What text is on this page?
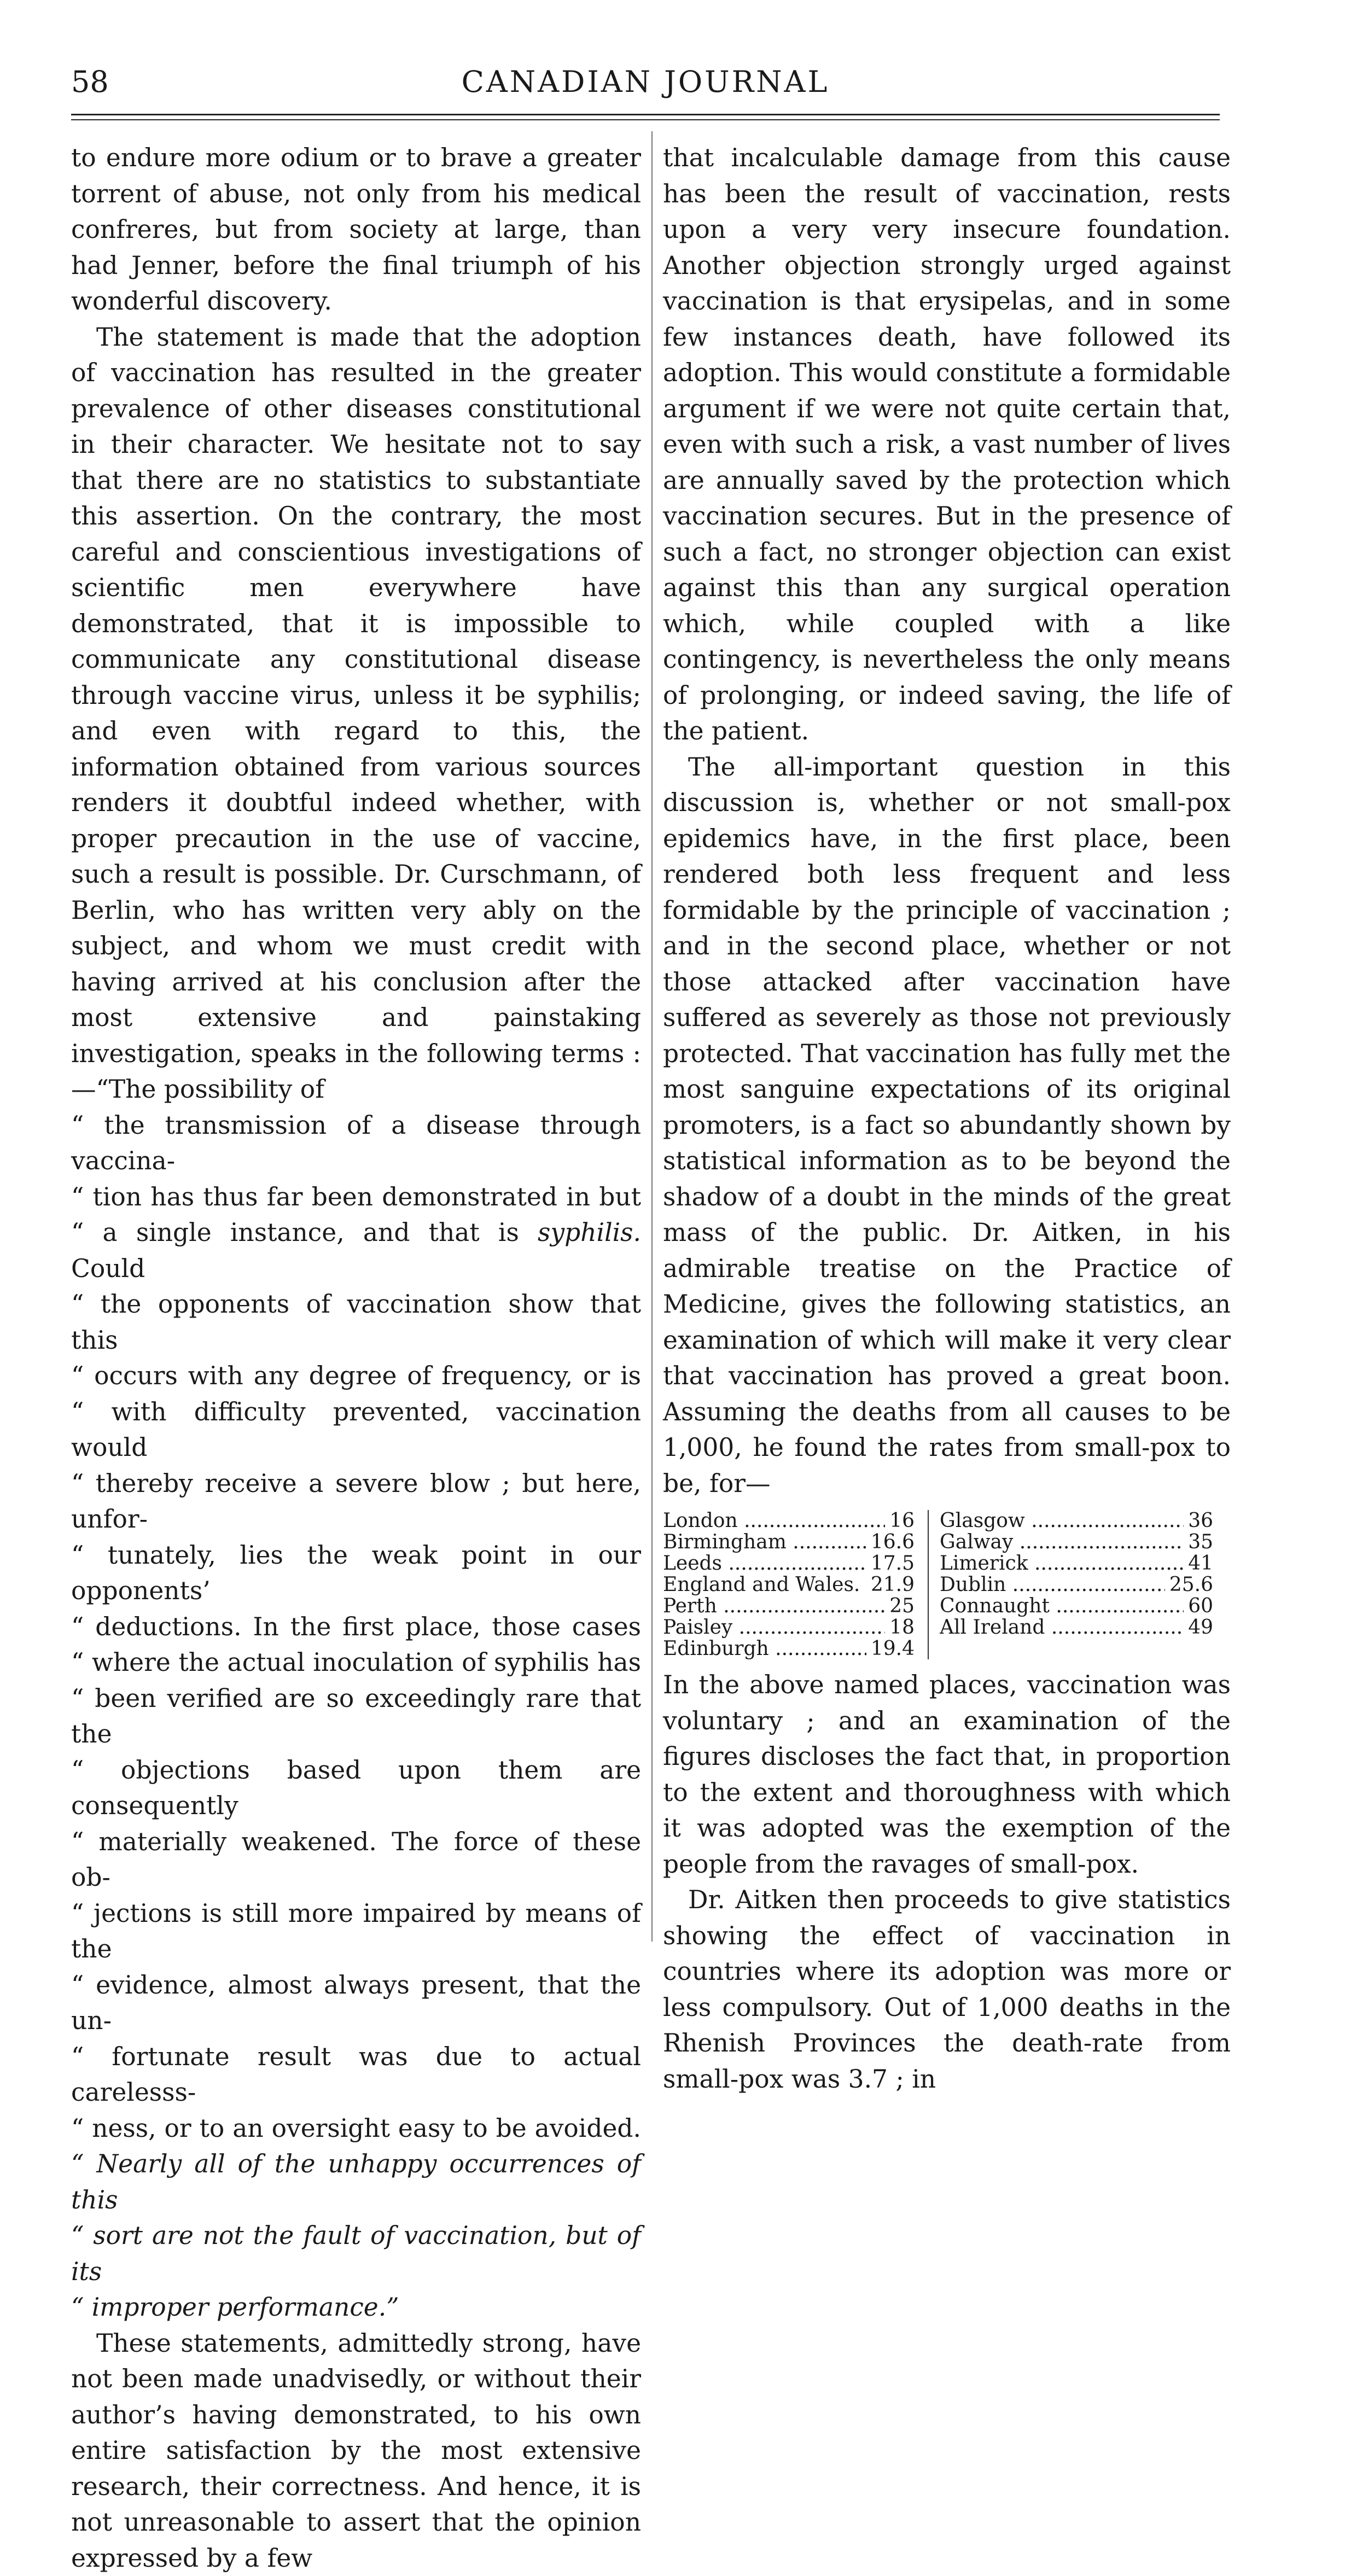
58	CANADIAN JOURNAL

to endure more odium or to brave a greater torrent of abuse, not only from his medical confreres, but from society at large, than had Jenner, before the final triumph of his wonderful discovery.

The statement is made that the adoption of vaccination has resulted in the greater prevalence of other diseases constitutional in their character. We hesitate not to say that there are no statistics to substantiate this assertion. On the contrary, the most careful and conscientious investigations of scientific men everywhere have demonstrated, that it is impossible to communicate any constitutional disease through vaccine virus, unless it be syphilis; and even with regard to this, the information obtained from various sources renders it doubtful indeed whether, with proper precaution in the use of vaccine, such a result is possible. Dr. Curschmann, of Berlin, who has written very ably on the subject, and whom we must credit with having arrived at his conclusion after the most extensive and painstaking investigation, speaks in the following terms :—“The possibility of

“ the transmission of a disease through vaccina-
“ tion has thus far been demonstrated in but
“ a single instance, and that is syphilis. Could
“ the opponents of vaccination show that this
“ occurs with any degree of frequency, or is
“ with difficulty prevented, vaccination would
“ thereby receive a severe blow ; but here, unfor-
“ tunately, lies the weak point in our opponents’
“ deductions. In the first place, those cases
“ where the actual inoculation of syphilis has
“ been verified are so exceedingly rare that the
“ objections based upon them are consequently
“ materially weakened. The force of these ob-
“ jections is still more impaired by means of the
“ evidence, almost always present, that the un-
“ fortunate result was due to actual carelesss-
“ ness, or to an oversight easy to be avoided.
“ Nearly all of the unhappy occurrences of this
“ sort are not the fault of vaccination, but of its
“ improper performance.”

These statements, admittedly strong, have not been made unadvisedly, or without their author’s having demonstrated, to his own entire satisfaction by the most extensive research, their correctness. And hence, it is not unreasonable to assert that the opinion expressed by a few

that incalculable damage from this cause has been the result of vaccination, rests upon a very very insecure foundation. Another objection strongly urged against vaccination is that erysipelas, and in some few instances death, have followed its adoption. This would constitute a formidable argument if we were not quite certain that, even with such a risk, a vast number of lives are annually saved by the protection which vaccination secures. But in the presence of such a fact, no stronger objection can exist against this than any surgical operation which, while coupled with a like contingency, is nevertheless the only means of prolonging, or indeed saving, the life of the patient.

The all-important question in this discussion is, whether or not small-pox epidemics have, in the first place, been rendered both less frequent and less formidable by the principle of vaccination ; and in the second place, whether or not those attacked after vaccination have suffered as severely as those not previously protected. That vaccination has fully met the most sanguine expectations of its original promoters, is a fact so abundantly shown by statistical information as to be beyond the shadow of a doubt in the minds of the great mass of the public. Dr. Aitken, in his admirable treatise on the Practice of Medicine, gives the following statistics, an examination of which will make it very clear that vaccination has proved a great boon. Assuming the deaths from all causes to be 1,000, he found the rates from small-pox to be, for—

London .....	16
Birmingham .....	16.6
Leeds .....	17.5
England and Wales. ..... 21.9
Perth .....	25
Paisley .....	18
Edinburgh .....	19.4
Glasgow .....	36
Galway .....	35
Limerick .....	41
Dublin .....	25.6
Connaught .....	60
All Ireland .....	49

In the above named places, vaccination was voluntary ; and an examination of the figures discloses the fact that, in proportion to the extent and thoroughness with which it was adopted was the exemption of the people from the ravages of small-pox.

Dr. Aitken then proceeds to give statistics showing the effect of vaccination in countries where its adoption was more or less compulsory. Out of 1,000 deaths in the Rhenish Provinces the death-rate from small-pox was 3.7 ; in
